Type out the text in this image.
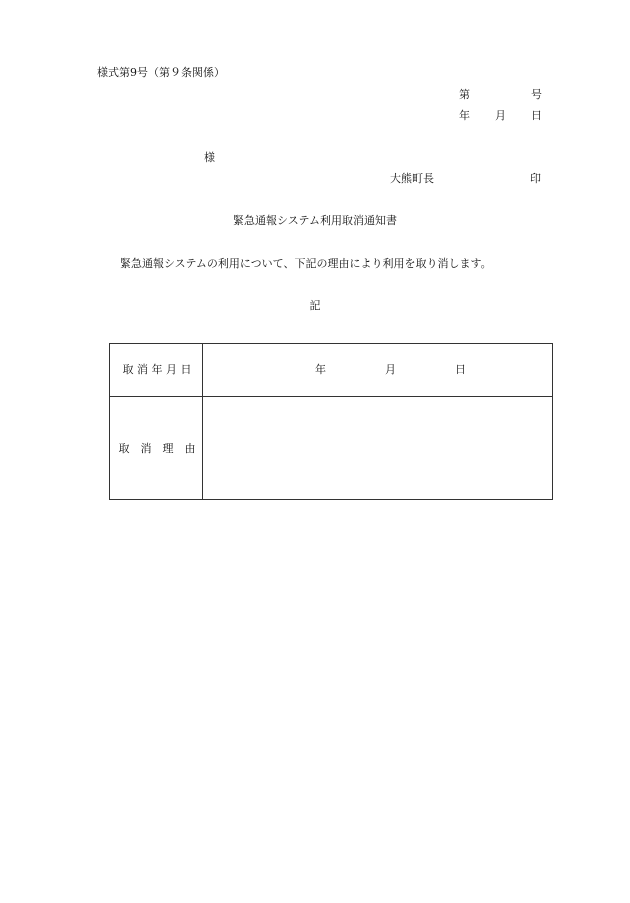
様式第9号（第９条関係）
第	号
年 月 日
様
大熊町長	印
緊急通報システム利用取消通知書
緊急通報システムの利用について、下記の理由により利用を取り消します。
記
取 消 年 月 日	年	月	日
取　消　理　由
